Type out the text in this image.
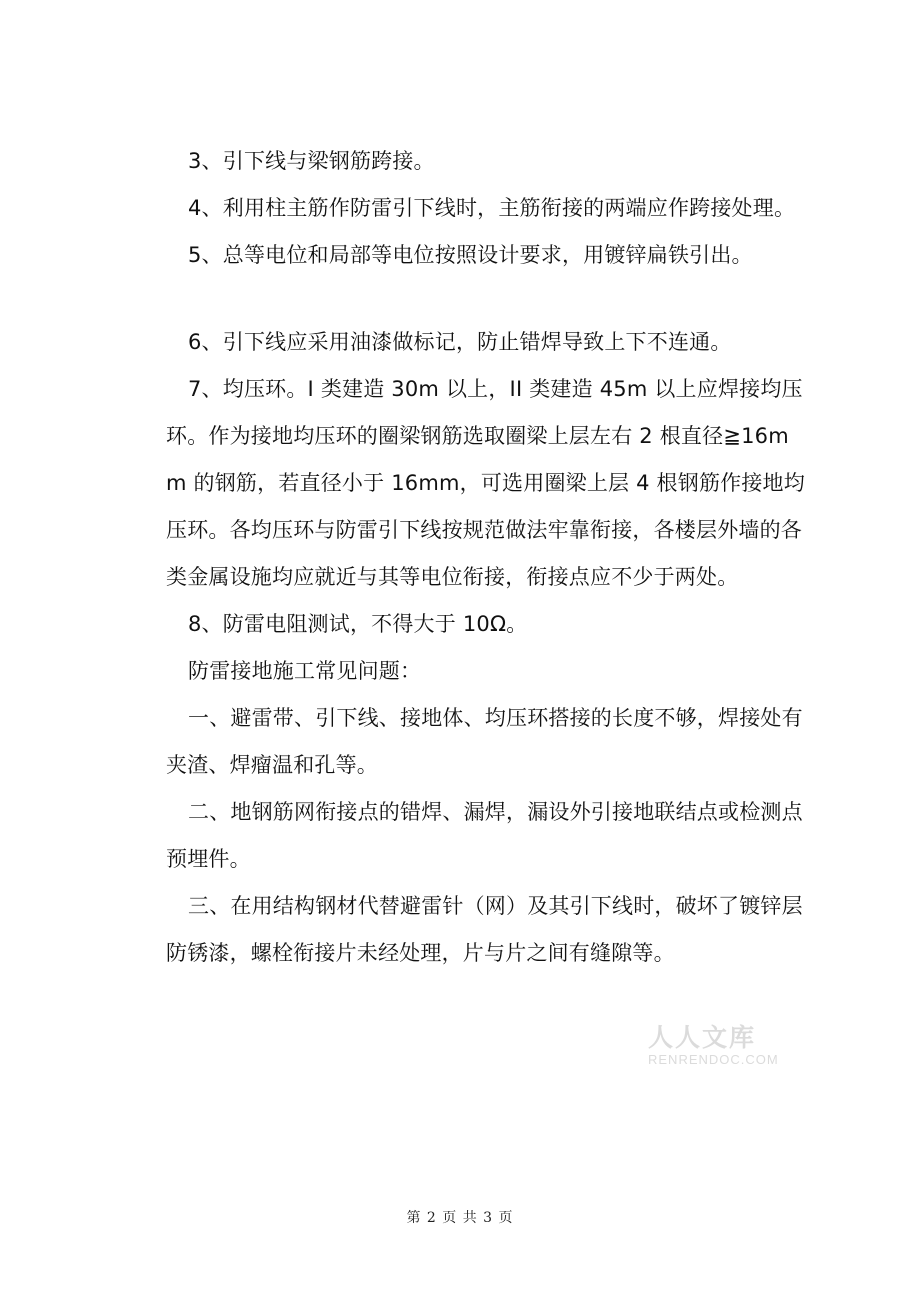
3、引下线与梁钢筋跨接。

4、利用柱主筋作防雷引下线时，主筋衔接的两端应作跨接处理。

5、总等电位和局部等电位按照设计要求，用镀锌扁铁引出。

6、引下线应采用油漆做标记，防止错焊导致上下不连通。

7、均压环。I 类建造 30m 以上，II 类建造 45m 以上应焊接均压环。作为接地均压环的圈梁钢筋选取圈梁上层左右 2 根直径≧16mm 的钢筋，若直径小于 16mm，可选用圈梁上层 4 根钢筋作接地均压环。各均压环与防雷引下线按规范做法牢靠衔接，各楼层外墙的各类金属设施均应就近与其等电位衔接，衔接点应不少于两处。

8、防雷电阻测试，不得大于 10Ω。

防雷接地施工常见问题：

一、避雷带、引下线、接地体、均压环搭接的长度不够，焊接处有夹渣、焊瘤温和孔等。

二、地钢筋网衔接点的错焊、漏焊，漏设外引接地联结点或检测点预埋件。

三、在用结构钢材代替避雷针（网）及其引下线时，破坏了镀锌层防锈漆，螺栓衔接片未经处理，片与片之间有缝隙等。

人人文库
RENRENDOC.COM
第 2 页 共 3 页
